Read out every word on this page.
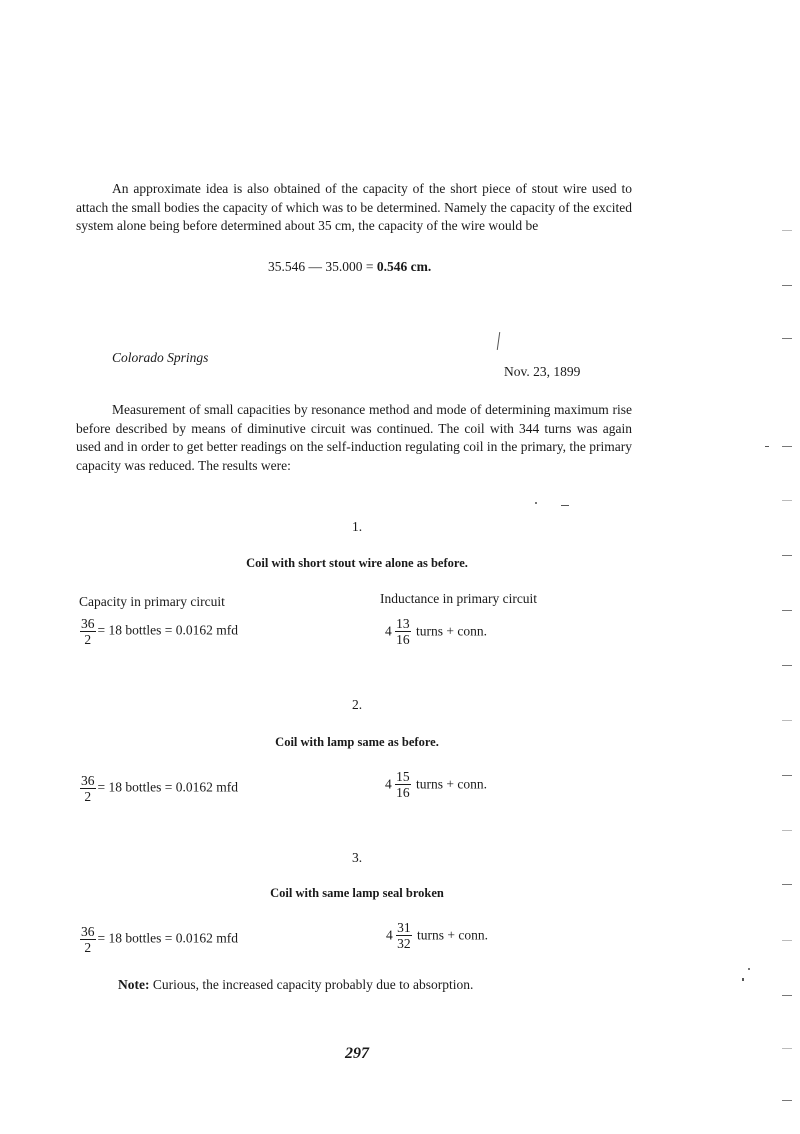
An approximate idea is also obtained of the capacity of the short piece of stout wire used to attach the small bodies the capacity of which was to be determined. Namely the capacity of the excited system alone being before determined about 35 cm, the capacity of the wire would be

35.546 — 35.000 = 0.546 cm.
Colorado Springs
Nov. 23, 1899

Measurement of small capacities by resonance method and mode of determining maximum rise before described by means of diminutive circuit was continued. The coil with 344 turns was again used and in order to get better readings on the self-induction regulating coil in the primary, the primary capacity was reduced. The results were:

1.
Coil with short stout wire alone as before.
Capacity in primary circuit	Inductance in primary circuit
$\frac{36}{2} = 18$ bottles = 0.0162 mfd	$4 \frac{13}{16}$ turns + conn.
2.
Coil with lamp same as before.
$\frac{36}{2} = 18$ bottles = 0.0162 mfd	$4 \frac{15}{16}$ turns + conn.
3.
Coil with same lamp seal broken
$\frac{36}{2} = 18$ bottles = 0.0162 mfd	$4 \frac{31}{32}$ turns + conn.
Note: Curious, the increased capacity probably due to absorption.
297
